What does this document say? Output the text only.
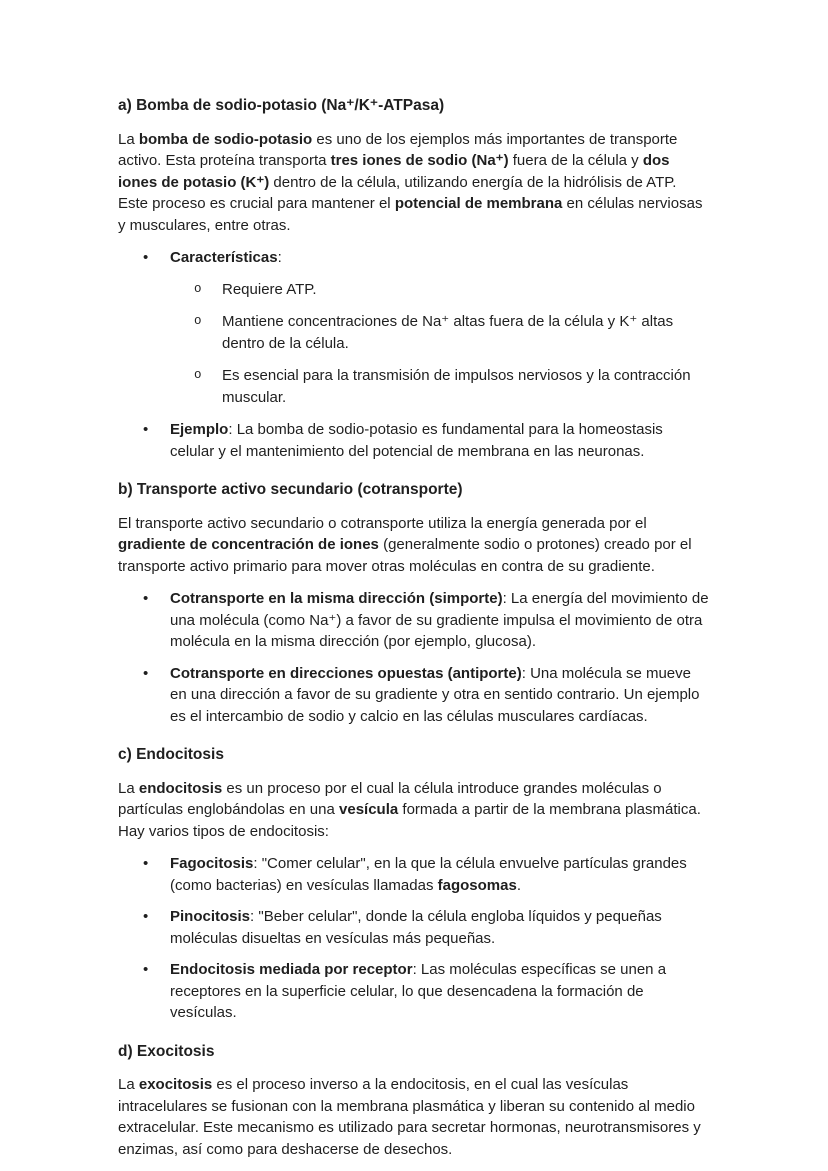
a) Bomba de sodio-potasio (Na⁺/K⁺-ATPasa)

La bomba de sodio-potasio es uno de los ejemplos más importantes de transporte activo. Esta proteína transporta tres iones de sodio (Na⁺) fuera de la célula y dos iones de potasio (K⁺) dentro de la célula, utilizando energía de la hidrólisis de ATP. Este proceso es crucial para mantener el potencial de membrana en células nerviosas y musculares, entre otras.

•	Características:
o	Requiere ATP.
o	Mantiene concentraciones de Na⁺ altas fuera de la célula y K⁺ altas dentro de la célula.
o	Es esencial para la transmisión de impulsos nerviosos y la contracción muscular.
•	Ejemplo: La bomba de sodio-potasio es fundamental para la homeostasis celular y el mantenimiento del potencial de membrana en las neuronas.
b) Transporte activo secundario (cotransporte)

El transporte activo secundario o cotransporte utiliza la energía generada por el gradiente de concentración de iones (generalmente sodio o protones) creado por el transporte activo primario para mover otras moléculas en contra de su gradiente.

•	Cotransporte en la misma dirección (simporte): La energía del movimiento de una molécula (como Na⁺) a favor de su gradiente impulsa el movimiento de otra molécula en la misma dirección (por ejemplo, glucosa).
•	Cotransporte en direcciones opuestas (antiporte): Una molécula se mueve en una dirección a favor de su gradiente y otra en sentido contrario. Un ejemplo es el intercambio de sodio y calcio en las células musculares cardíacas.
c) Endocitosis

La endocitosis es un proceso por el cual la célula introduce grandes moléculas o partículas englobándolas en una vesícula formada a partir de la membrana plasmática. Hay varios tipos de endocitosis:

•	Fagocitosis: "Comer celular", en la que la célula envuelve partículas grandes (como bacterias) en vesículas llamadas fagosomas.
•	Pinocitosis: "Beber celular", donde la célula engloba líquidos y pequeñas moléculas disueltas en vesículas más pequeñas.
•	Endocitosis mediada por receptor: Las moléculas específicas se unen a receptores en la superficie celular, lo que desencadena la formación de vesículas.
d) Exocitosis

La exocitosis es el proceso inverso a la endocitosis, en el cual las vesículas intracelulares se fusionan con la membrana plasmática y liberan su contenido al medio extracelular. Este mecanismo es utilizado para secretar hormonas, neurotransmisores y enzimas, así como para deshacerse de desechos.
